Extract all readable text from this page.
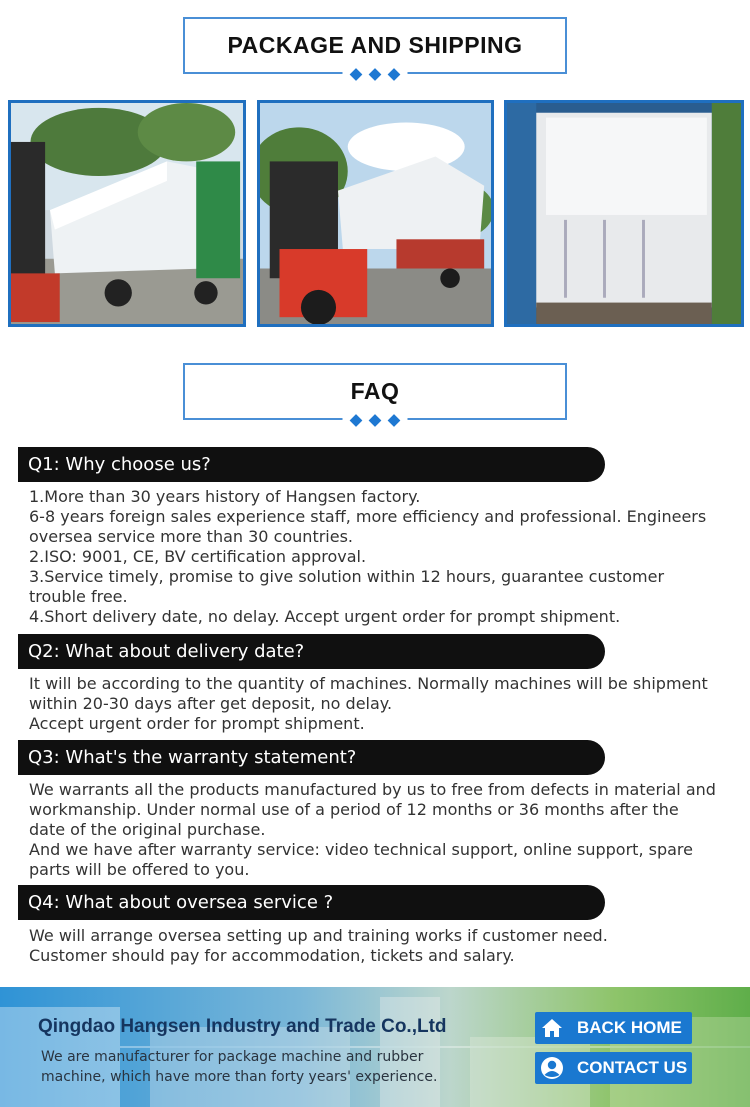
PACKAGE AND SHIPPING
FAQ
Q1: Why choose us?
1.More than 30 years history of Hangsen factory.
6-8 years foreign sales experience staff, more efficiency and professional. Engineers
oversea service more than 30 countries.
2.ISO: 9001, CE, BV certification approval.
3.Service timely, promise to give solution within 12 hours, guarantee customer
trouble free.
4.Short delivery date, no delay. Accept urgent order for prompt shipment.
Q2: What about delivery date?
It will be according to the quantity of machines. Normally machines will be shipment
within 20-30 days after get deposit, no delay.
Accept urgent order for prompt shipment.
Q3: What's the warranty statement?
We warrants all the products manufactured by us to free from defects in material and
workmanship. Under normal use of a period of 12 months or 36 months after the
date of the original purchase.
And we have after warranty service: video technical support, online support, spare
parts will be offered to you.
Q4: What about oversea service ?
We will arrange oversea setting up and training works if customer need.
Customer should pay for accommodation, tickets and salary.
Qingdao Hangsen Industry and Trade Co.,Ltd
We are manufacturer for package machine and rubber
machine, which have more than forty years' experience.
BACK HOME
CONTACT US
